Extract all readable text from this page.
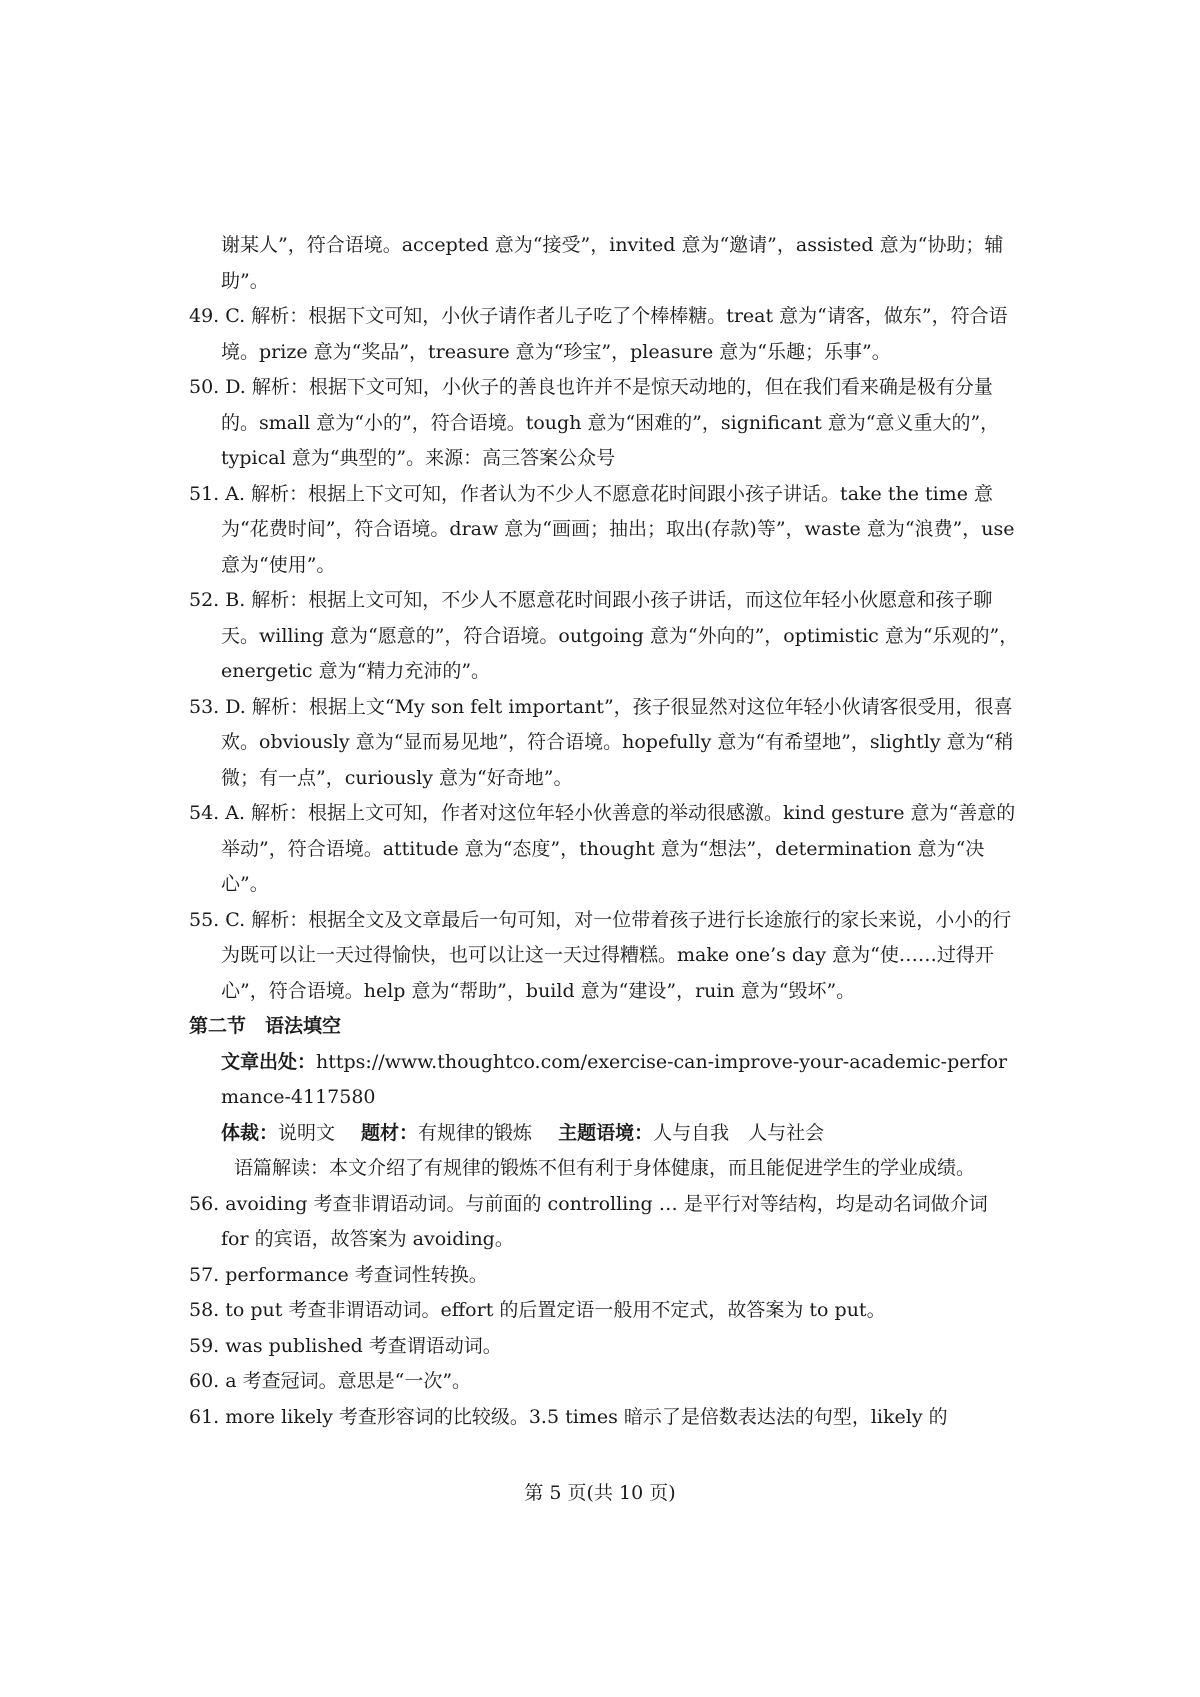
谢某人”，符合语境。accepted 意为“接受”，invited 意为“邀请”，assisted 意为“协助；辅助”。

49. C. 解析：根据下文可知，小伙子请作者儿子吃了个棒棒糖。treat 意为“请客，做东”，符合语境。prize 意为“奖品”，treasure 意为“珍宝”，pleasure 意为“乐趣；乐事”。

50. D. 解析：根据下文可知，小伙子的善良也许并不是惊天动地的，但在我们看来确是极有分量的。small 意为“小的”，符合语境。tough 意为“困难的”，significant 意为“意义重大的”，typical 意为“典型的”。来源：高三答案公众号

51. A. 解析：根据上下文可知，作者认为不少人不愿意花时间跟小孩子讲话。take the time 意为“花费时间”，符合语境。draw 意为“画画；抽出；取出(存款)等”，waste 意为“浪费”，use 意为“使用”。

52. B. 解析：根据上文可知，不少人不愿意花时间跟小孩子讲话，而这位年轻小伙愿意和孩子聊天。willing 意为“愿意的”，符合语境。outgoing 意为“外向的”，optimistic 意为“乐观的”，energetic 意为“精力充沛的”。

53. D. 解析：根据上文“My son felt important”，孩子很显然对这位年轻小伙请客很受用，很喜欢。obviously 意为“显而易见地”，符合语境。hopefully 意为“有希望地”，slightly 意为“稍微；有一点”，curiously 意为“好奇地”。

54. A. 解析：根据上文可知，作者对这位年轻小伙善意的举动很感激。kind gesture 意为“善意的举动”，符合语境。attitude 意为“态度”，thought 意为“想法”，determination 意为“决心”。

55. C. 解析：根据全文及文章最后一句可知，对一位带着孩子进行长途旅行的家长来说，小小的行为既可以让一天过得愉快，也可以让这一天过得糟糕。make one’s day 意为“使……过得开心”，符合语境。help 意为“帮助”，build 意为“建设”，ruin 意为“毁坏”。

第二节　语法填空

文章出处：https://www.thoughtco.com/exercise-can-improve-your-academic-performance-4117580

体裁：说明文 题材：有规律的锻炼 主题语境：人与自我　人与社会

语篇解读：本文介绍了有规律的锻炼不但有利于身体健康，而且能促进学生的学业成绩。

56. avoiding 考查非谓语动词。与前面的 controlling … 是平行对等结构，均是动名词做介词 for 的宾语，故答案为 avoiding。

57. performance 考查词性转换。

58. to put 考查非谓语动词。effort 的后置定语一般用不定式，故答案为 to put。

59. was published 考查谓语动词。

60. a 考查冠词。意思是“一次”。

61. more likely 考查形容词的比较级。3.5 times 暗示了是倍数表达法的句型，likely 的

第 5 页(共 10 页)
